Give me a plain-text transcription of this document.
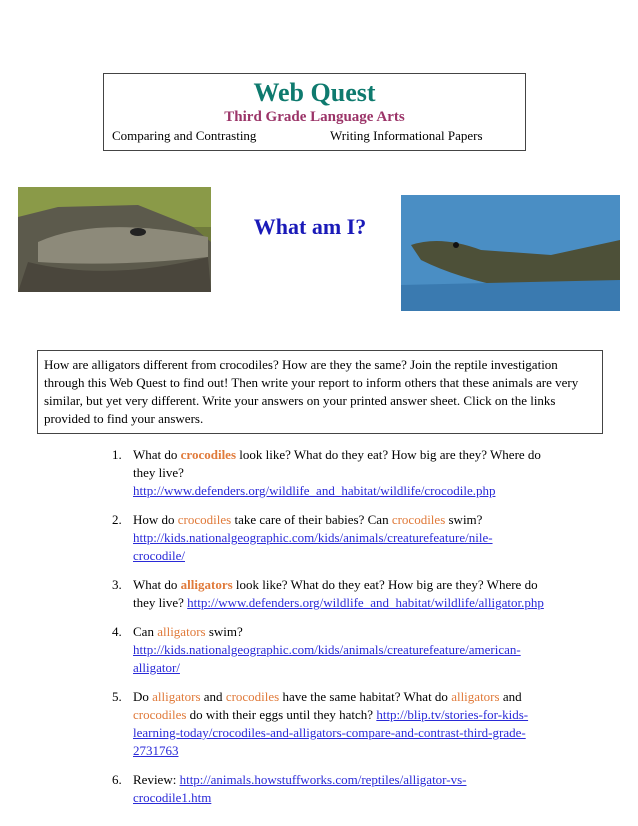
Web Quest
Third Grade Language Arts
Comparing and Contrasting	Writing Informational Papers
What am I?
How are alligators different from crocodiles? How are they the same? Join the reptile investigation through this Web Quest to find out! Then write your report to inform others that these animals are very similar, but yet very different. Write your answers on your printed answer sheet. Click on the links provided to find your answers.
1. What do crocodiles look like? What do they eat? How big are they? Where do they live? http://www.defenders.org/wildlife_and_habitat/wildlife/crocodile.php
2. How do crocodiles take care of their babies? Can crocodiles swim? http://kids.nationalgeographic.com/kids/animals/creaturefeature/nile-crocodile/
3. What do alligators look like? What do they eat? How big are they? Where do they live? http://www.defenders.org/wildlife_and_habitat/wildlife/alligator.php
4. Can alligators swim? http://kids.nationalgeographic.com/kids/animals/creaturefeature/american-alligator/
5. Do alligators and crocodiles have the same habitat? What do alligators and crocodiles do with their eggs until they hatch? http://blip.tv/stories-for-kids-learning-today/crocodiles-and-alligators-compare-and-contrast-third-grade-2731763
6. Review: http://animals.howstuffworks.com/reptiles/alligator-vs-crocodile1.htm
